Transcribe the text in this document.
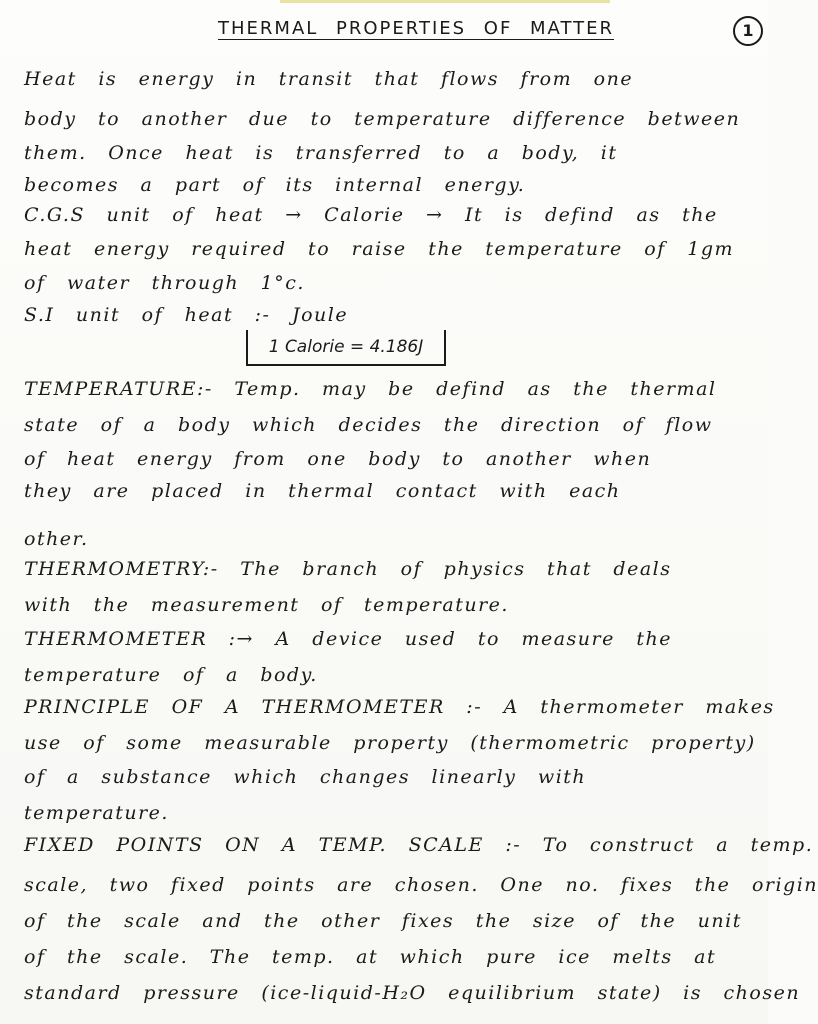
THERMAL PROPERTIES OF MATTER	1
Heat is energy in transit that flows from one
body to another due to temperature difference between
them. Once heat is transferred to a body, it
becomes a part of its internal energy.
C.G.S unit of heat → Calorie → It is defind as the
heat energy required to raise the temperature of 1gm
of water through 1°c.
S.I unit of heat :- Joule
1 Calorie = 4.186J
TEMPERATURE:- Temp. may be defind as the thermal
state of a body which decides the direction of flow
of heat energy from one body to another when
they are placed in thermal contact with each
other.
THERMOMETRY:- The branch of physics that deals
with the measurement of temperature.
THERMOMETER :→ A device used to measure the
temperature of a body.
PRINCIPLE OF A THERMOMETER :- A thermometer makes
use of some measurable property (thermometric property)
of a substance which changes linearly with
temperature.
FIXED POINTS ON A TEMP. SCALE :- To construct a temp.
scale, two fixed points are chosen. One no. fixes the origin
of the scale and the other fixes the size of the unit
of the scale. The temp. at which pure ice melts at
standard pressure (ice-liquid-H₂O equilibrium state) is chosen
